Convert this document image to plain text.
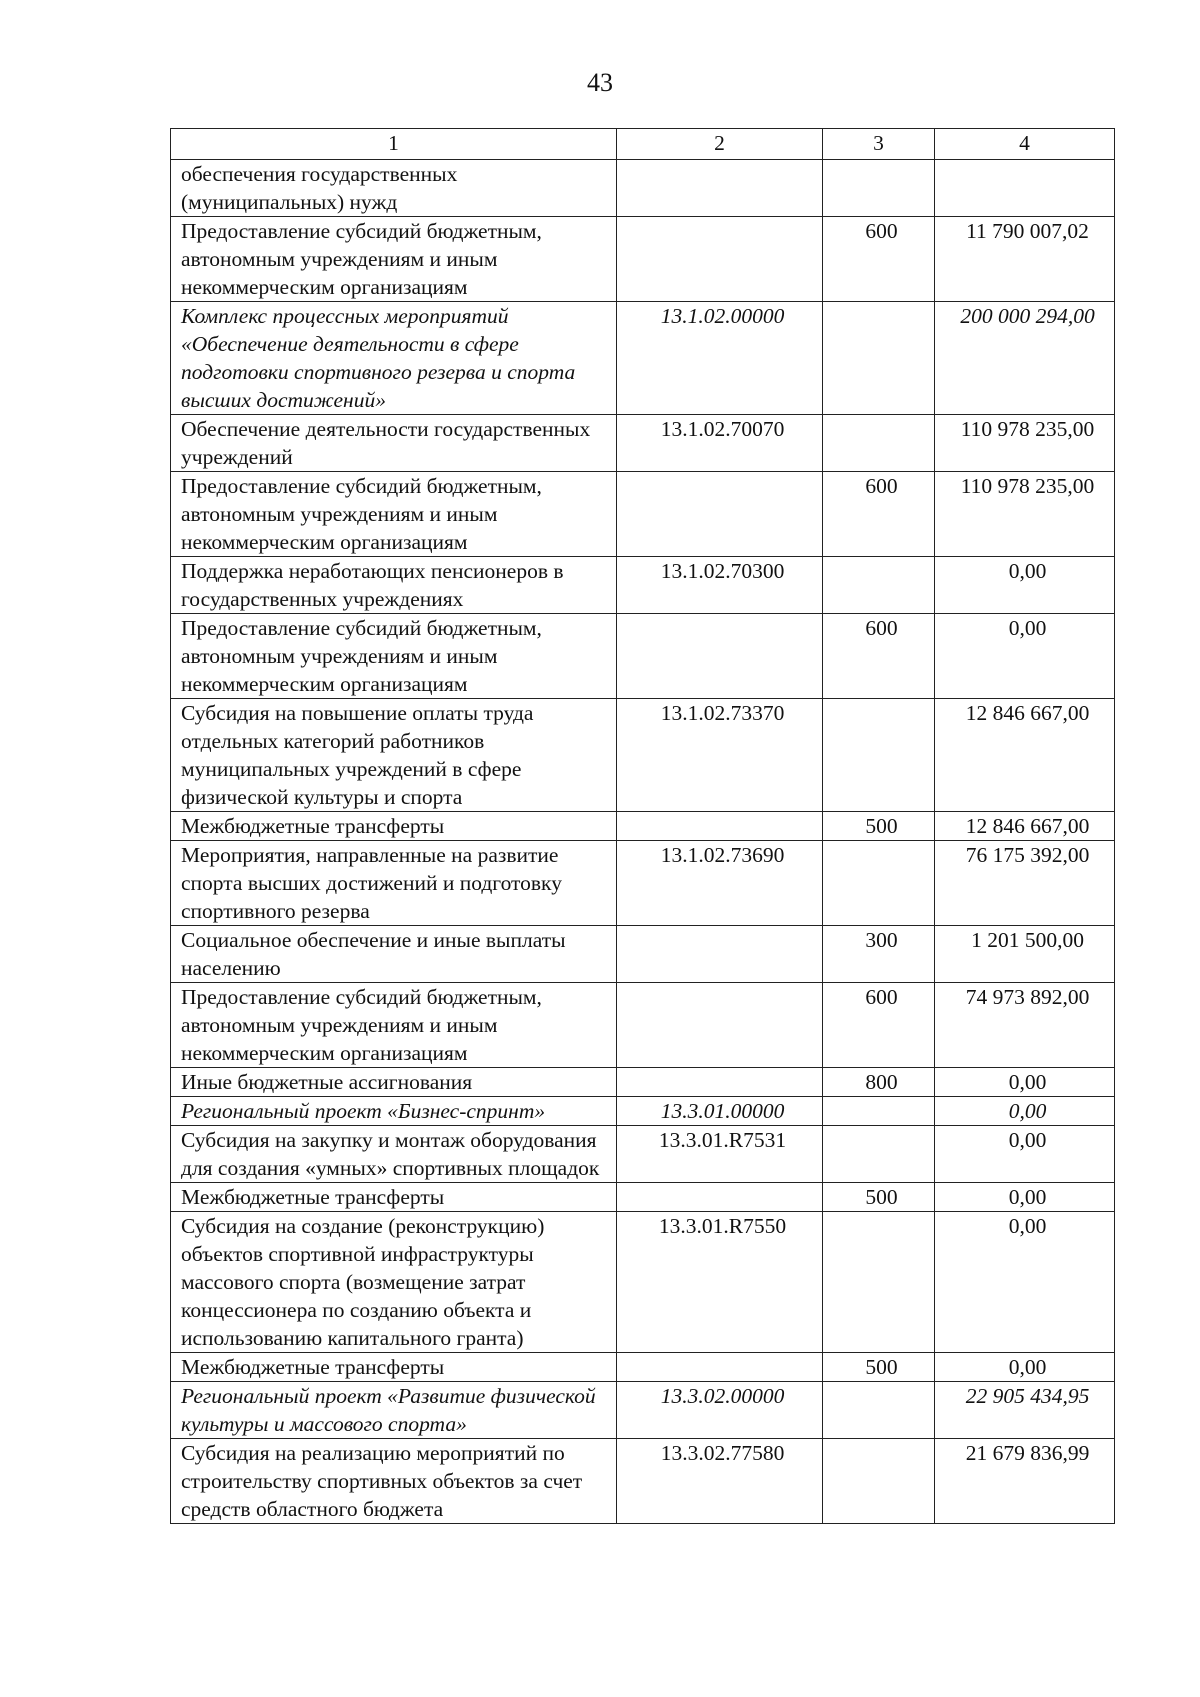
43
1	2	3	4
обеспечения государственных (муниципальных) нужд			
Предоставление субсидий бюджетным, автономным учреждениям и иным некоммерческим организациям		600	11 790 007,02
Комплекс процессных мероприятий «Обеспечение деятельности в сфере подготовки спортивного резерва и спорта высших достижений»	13.1.02.00000		200 000 294,00
Обеспечение деятельности государственных учреждений	13.1.02.70070		110 978 235,00
Предоставление субсидий бюджетным, автономным учреждениям и иным некоммерческим организациям		600	110 978 235,00
Поддержка неработающих пенсионеров в государственных учреждениях	13.1.02.70300		0,00
Предоставление субсидий бюджетным, автономным учреждениям и иным некоммерческим организациям		600	0,00
Субсидия на повышение оплаты труда отдельных категорий работников муниципальных учреждений в сфере физической культуры и спорта	13.1.02.73370		12 846 667,00
Межбюджетные трансферты		500	12 846 667,00
Мероприятия, направленные на развитие спорта высших достижений и подготовку спортивного резерва	13.1.02.73690		76 175 392,00
Социальное обеспечение и иные выплаты населению		300	1 201 500,00
Предоставление субсидий бюджетным, автономным учреждениям и иным некоммерческим организациям		600	74 973 892,00
Иные бюджетные ассигнования		800	0,00
Региональный проект «Бизнес-спринт»	13.3.01.00000		0,00
Субсидия на закупку и монтаж оборудования для создания «умных» спортивных площадок	13.3.01.R7531		0,00
Межбюджетные трансферты		500	0,00
Субсидия на создание (реконструкцию) объектов спортивной инфраструктуры массового спорта (возмещение затрат концессионера по созданию объекта и использованию капитального гранта)	13.3.01.R7550		0,00
Межбюджетные трансферты		500	0,00
Региональный проект «Развитие физической культуры и массового спорта»	13.3.02.00000		22 905 434,95
Субсидия на реализацию мероприятий по строительству спортивных объектов за счет средств областного бюджета	13.3.02.77580		21 679 836,99
